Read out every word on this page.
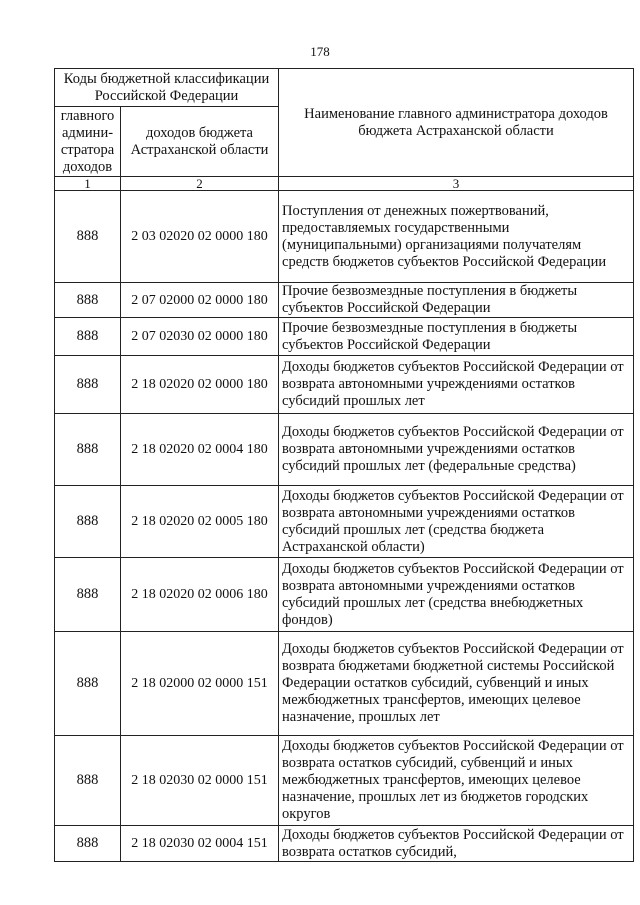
178
Коды бюджетной классификации Российской Федерации		Наименование главного администратора доходов бюджета Астраханской области
главного админи- стратора доходов	доходов бюджета Астраханской области	
1	2	3
888	2 03 02020 02 0000 180	Поступления от денежных пожертвований, предоставляемых государственными (муниципальными) организациями получателям средств бюджетов субъектов Российской Федерации
888	2 07 02000 02 0000 180	Прочие безвозмездные поступления в бюджеты субъектов Российской Федерации
888	2 07 02030 02 0000 180	Прочие безвозмездные поступления в бюджеты субъектов Российской Федерации
888	2 18 02020 02 0000 180	Доходы бюджетов субъектов Российской Федерации от возврата автономными учреждениями остатков субсидий прошлых лет
888	2 18 02020 02 0004 180	Доходы бюджетов субъектов Российской Федерации от возврата автономными учреждениями остатков субсидий прошлых лет (федеральные средства)
888	2 18 02020 02 0005 180	Доходы бюджетов субъектов Российской Федерации от возврата автономными учреждениями остатков субсидий прошлых лет (средства бюджета Астраханской области)
888	2 18 02020 02 0006 180	Доходы бюджетов субъектов Российской Федерации от возврата автономными учреждениями остатков субсидий прошлых лет (средства внебюджетных фондов)
888	2 18 02000 02 0000 151	Доходы бюджетов субъектов Российской Федерации от возврата бюджетами бюджетной системы Российской Федерации остатков субсидий, субвенций и иных межбюджетных трансфертов, имеющих целевое назначение, прошлых лет
888	2 18 02030 02 0000 151	Доходы бюджетов субъектов Российской Федерации от возврата остатков субсидий, субвенций и иных межбюджетных трансфертов, имеющих целевое назначение, прошлых лет из бюджетов городских округов
888	2 18 02030 02 0004 151	Доходы бюджетов субъектов Российской Федерации от возврата остатков субсидий,
